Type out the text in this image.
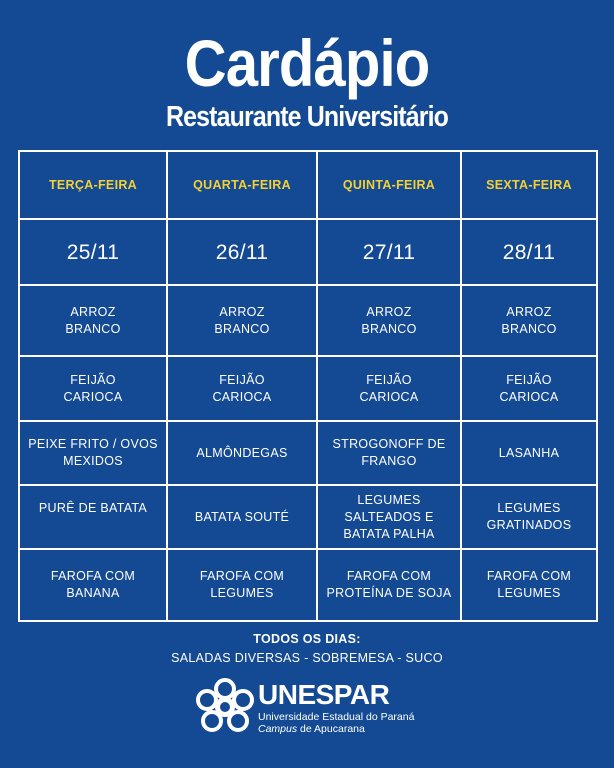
Cardápio
Restaurante Universitário
TERÇA-FEIRA	QUARTA-FEIRA	QUINTA-FEIRA	SEXTA-FEIRA
25/11	26/11	27/11	28/11

ARROZ BRANCO	ARROZ BRANCO	ARROZ BRANCO	ARROZ BRANCO

FEIJÃO CARIOCA	FEIJÃO CARIOCA	FEIJÃO CARIOCA	FEIJÃO CARIOCA

PEIXE FRITO / OVOS MEXIDOS	ALMÔNDEGAS	STROGONOFF DE FRANGO	LASANHA

PURÊ DE BATATA	BATATA SOUTÉ	LEGUMES SALTEADOS E BATATA PALHA	LEGUMES GRATINADOS

FAROFA COM BANANA	FAROFA COM LEGUMES	FAROFA COM PROTEÍNA DE SOJA	FAROFA COM LEGUMES
TODOS OS DIAS:
SALADAS DIVERSAS - SOBREMESA - SUCO
UNESPAR
Universidade Estadual do Paraná
Campus de Apucarana
